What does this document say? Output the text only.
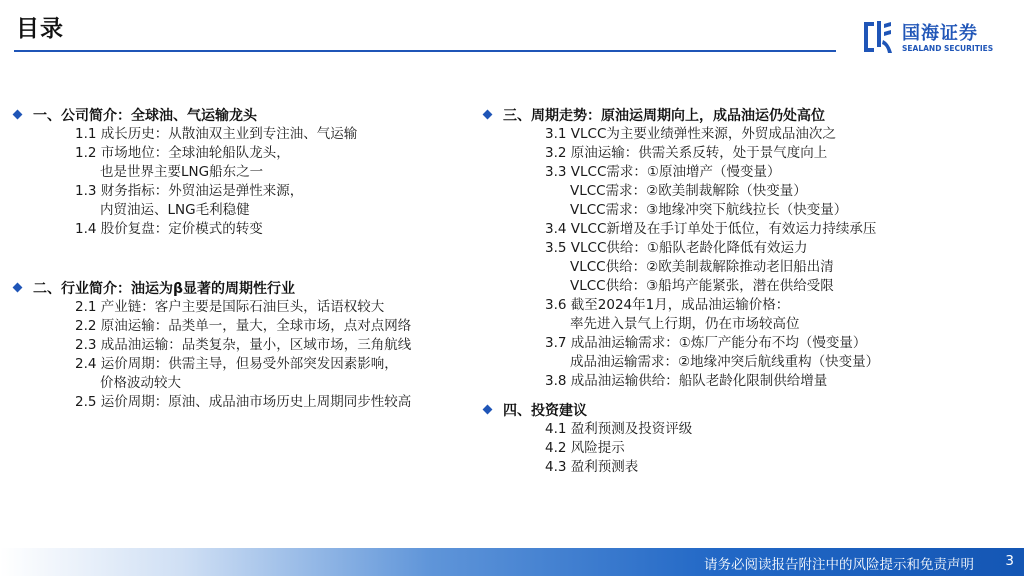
目录	国海证券
SEALAND SECURITIES
一、公司简介：全球油、气运输龙头
1.1 成长历史：从散油双主业到专注油、气运输
1.2 市场地位：全球油轮船队龙头，
也是世界主要LNG船东之一
1.3 财务指标：外贸油运是弹性来源，
内贸油运、LNG毛利稳健
1.4 股价复盘：定价模式的转变
二、行业简介：油运为β显著的周期性行业
2.1 产业链：客户主要是国际石油巨头，话语权较大
2.2 原油运输：品类单一，量大，全球市场，点对点网络
2.3 成品油运输：品类复杂，量小，区域市场，三角航线
2.4 运价周期：供需主导，但易受外部突发因素影响，
价格波动较大
2.5 运价周期：原油、成品油市场历史上周期同步性较高
三、周期走势：原油运周期向上，成品油运仍处高位
3.1 VLCC为主要业绩弹性来源，外贸成品油次之
3.2 原油运输：供需关系反转，处于景气度向上
3.3 VLCC需求：①原油增产（慢变量）
VLCC需求：②欧美制裁解除（快变量）
VLCC需求：③地缘冲突下航线拉长（快变量）
3.4 VLCC新增及在手订单处于低位，有效运力持续承压
3.5 VLCC供给：①船队老龄化降低有效运力
VLCC供给：②欧美制裁解除推动老旧船出清
VLCC供给：③船坞产能紧张，潜在供给受限
3.6 截至2024年1月，成品油运输价格：
率先进入景气上行期，仍在市场较高位
3.7 成品油运输需求：①炼厂产能分布不均（慢变量）
成品油运输需求：②地缘冲突后航线重构（快变量）
3.8 成品油运输供给：船队老龄化限制供给增量
四、投资建议
4.1 盈利预测及投资评级
4.2 风险提示
4.3 盈利预测表
请务必阅读报告附注中的风险提示和免责声明 3
